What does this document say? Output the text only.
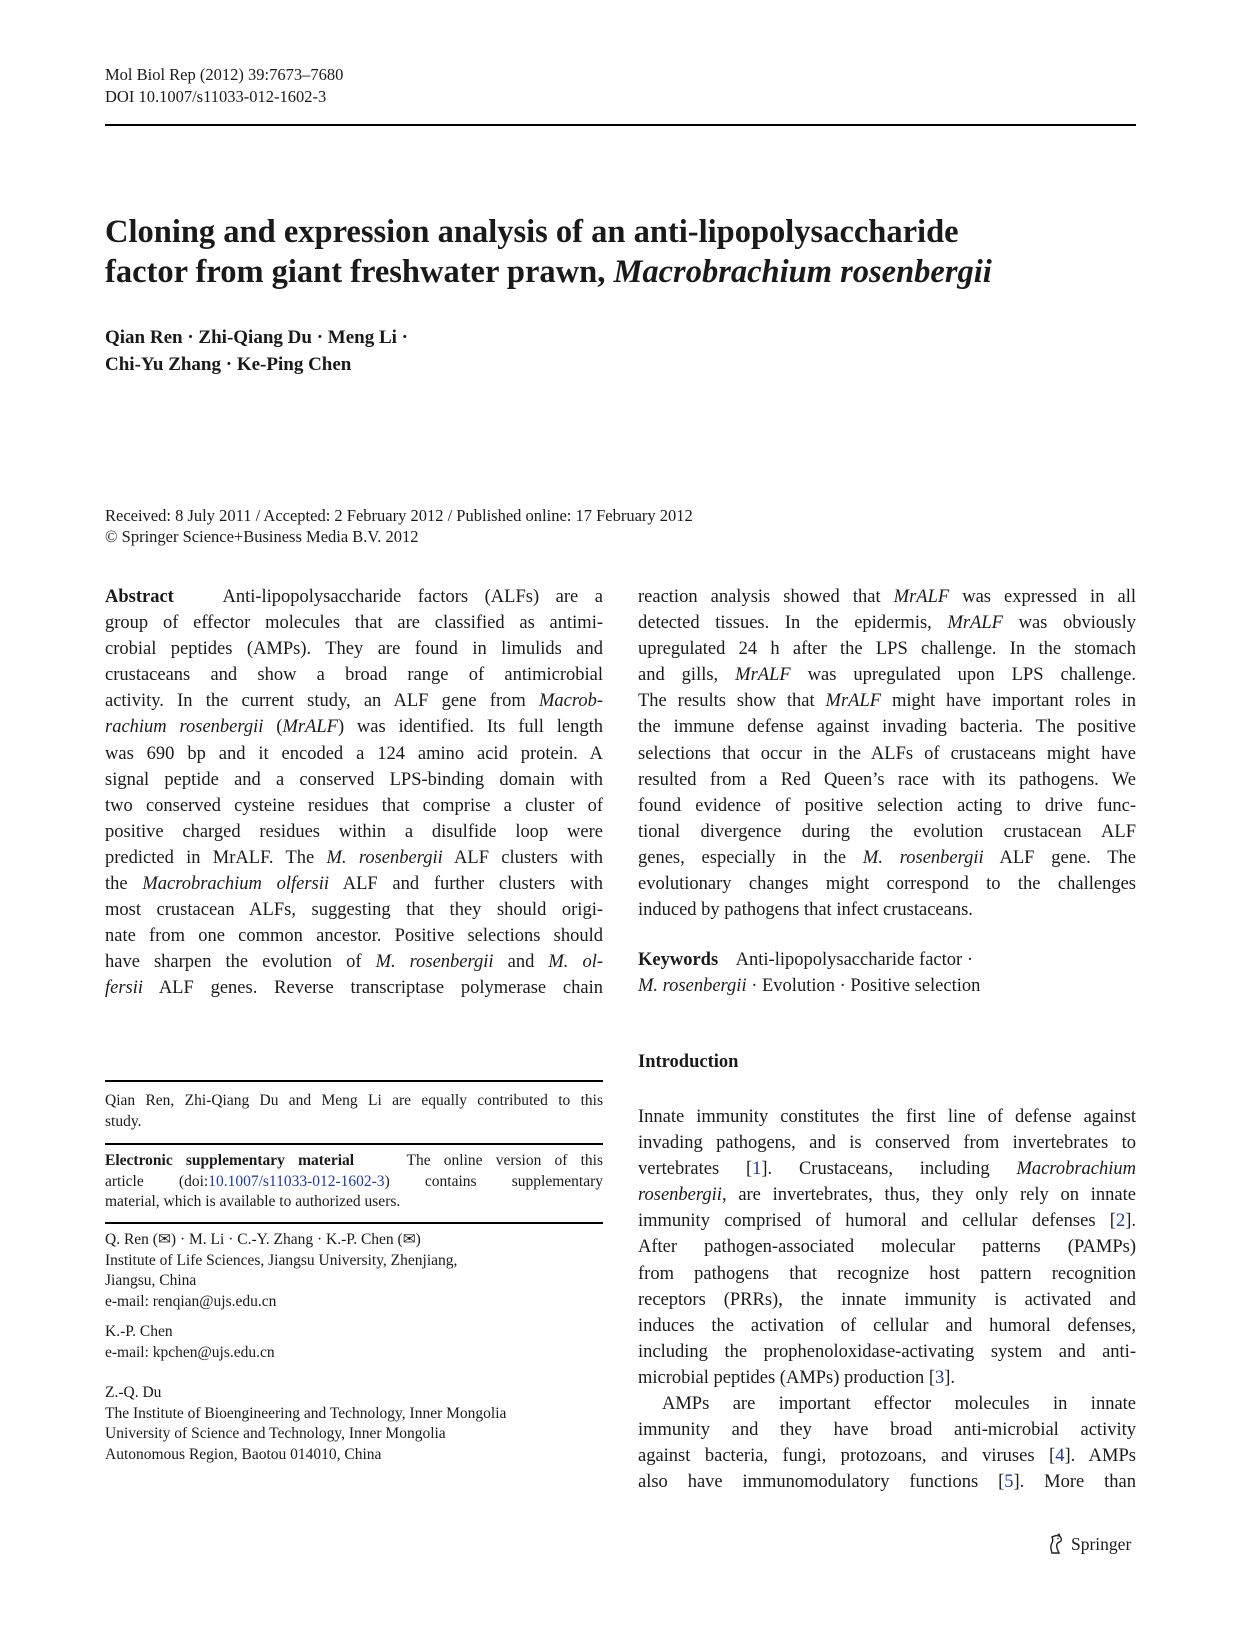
Mol Biol Rep (2012) 39:7673–7680
DOI 10.1007/s11033-012-1602-3
Cloning and expression analysis of an anti-lipopolysaccharide
factor from giant freshwater prawn, Macrobrachium rosenbergii
Qian Ren · Zhi-Qiang Du · Meng Li ·
Chi-Yu Zhang · Ke-Ping Chen
Received: 8 July 2011 / Accepted: 2 February 2012 / Published online: 17 February 2012
© Springer Science+Business Media B.V. 2012
Abstract	Anti-lipopolysaccharide factors (ALFs) are a
group of effector molecules that are classified as antimi-
crobial peptides (AMPs). They are found in limulids and
crustaceans and show a broad range of antimicrobial
activity. In the current study, an ALF gene from Macrob-
rachium rosenbergii (MrALF) was identified. Its full length
was 690 bp and it encoded a 124 amino acid protein. A
signal peptide and a conserved LPS-binding domain with
two conserved cysteine residues that comprise a cluster of
positive charged residues within a disulfide loop were
predicted in MrALF. The M. rosenbergii ALF clusters with
the Macrobrachium olfersii ALF and further clusters with
most crustacean ALFs, suggesting that they should origi-
nate from one common ancestor. Positive selections should
have sharpen the evolution of M. rosenbergii and M. ol-
fersii ALF genes. Reverse transcriptase polymerase chain
reaction analysis showed that MrALF was expressed in all
detected tissues. In the epidermis, MrALF was obviously
upregulated 24 h after the LPS challenge. In the stomach
and gills, MrALF was upregulated upon LPS challenge.
The results show that MrALF might have important roles in
the immune defense against invading bacteria. The positive
selections that occur in the ALFs of crustaceans might have
resulted from a Red Queen’s race with its pathogens. We
found evidence of positive selection acting to drive func-
tional divergence during the evolution crustacean ALF
genes, especially in the M. rosenbergii ALF gene. The
evolutionary changes might correspond to the challenges
induced by pathogens that infect crustaceans.
Keywords Anti-lipopolysaccharide factor ·
M. rosenbergii · Evolution · Positive selection
Introduction
Innate immunity constitutes the first line of defense against
invading pathogens, and is conserved from invertebrates to
vertebrates [1]. Crustaceans, including Macrobrachium
rosenbergii, are invertebrates, thus, they only rely on innate
immunity comprised of humoral and cellular defenses [2].
After pathogen-associated molecular patterns (PAMPs)
from pathogens that recognize host pattern recognition
receptors (PRRs), the innate immunity is activated and
induces the activation of cellular and humoral defenses,
including the prophenoloxidase-activating system and anti-
microbial peptides (AMPs) production [3].
AMPs are important effector molecules in innate
immunity and they have broad anti-microbial activity
against bacteria, fungi, protozoans, and viruses [4]. AMPs
also have immunomodulatory functions [5]. More than
Qian Ren, Zhi-Qiang Du and Meng Li are equally contributed to this
study.
Electronic supplementary material	The online version of this
article (doi:10.1007/s11033-012-1602-3) contains supplementary
material, which is available to authorized users.
Q. Ren (✉) · M. Li · C.-Y. Zhang · K.-P. Chen (✉)
Institute of Life Sciences, Jiangsu University, Zhenjiang,
Jiangsu, China
e-mail: renqian@ujs.edu.cn
K.-P. Chen
e-mail: kpchen@ujs.edu.cn
Z.-Q. Du
The Institute of Bioengineering and Technology, Inner Mongolia
University of Science and Technology, Inner Mongolia
Autonomous Region, Baotou 014010, China
Springer
